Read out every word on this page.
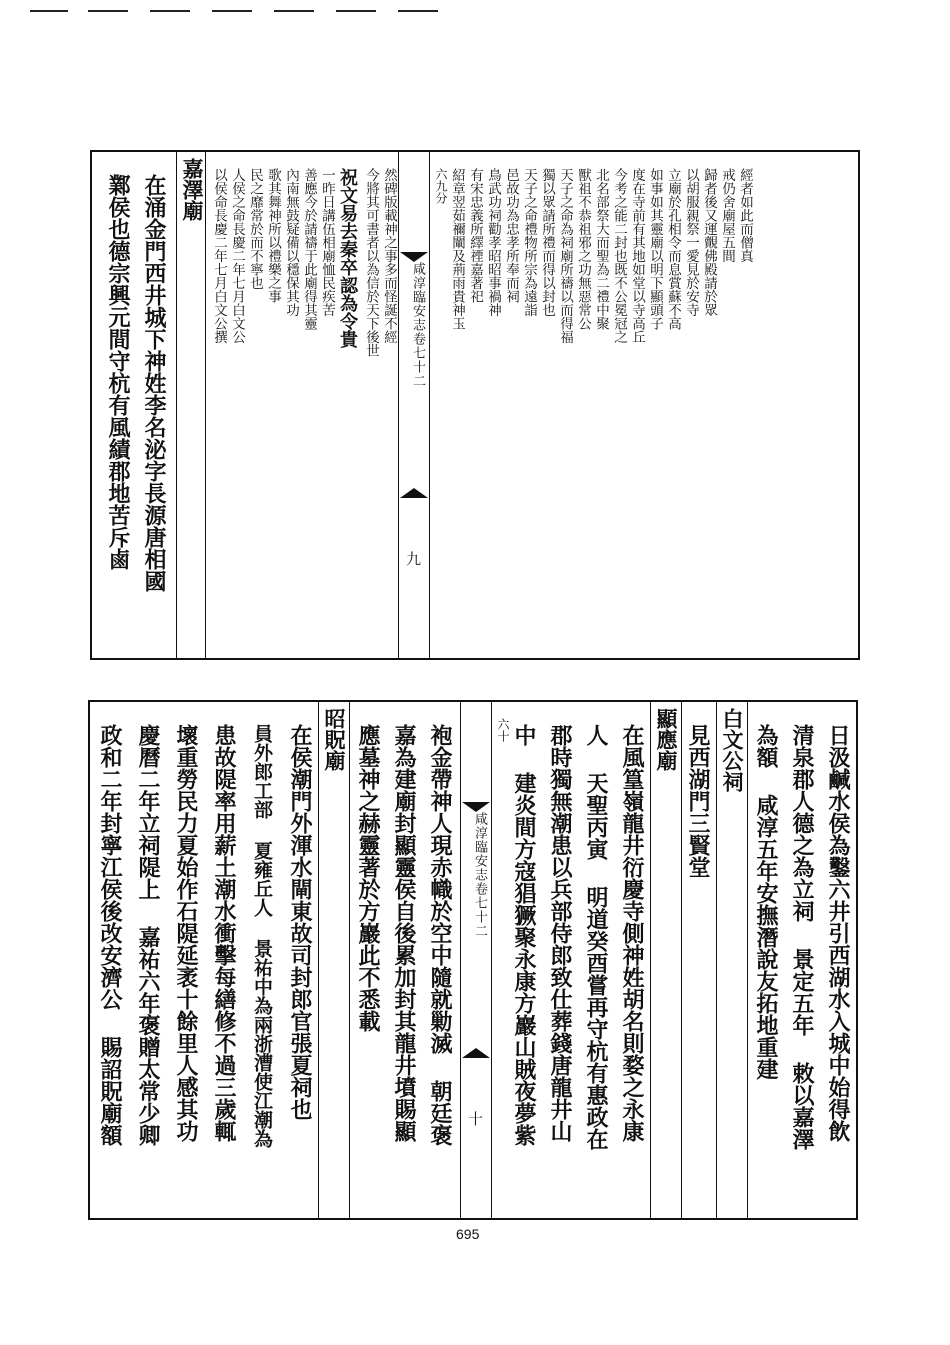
鄴侯也德宗興元間守杭有風績郡地苦斥鹵 在涌金門西井城下神姓李名泌字長源唐相國 嘉澤廟 以侯命長慶二年七月白文公撰 人侯之命長慶二年七月白文公 民之靡常於而不寧也 歌其舞神所以禮樂之事 內南無鼓疑備以穩保其功 善應今於請禱于此廟得其靈 一昨日講伍相廟恤民疾苦 祝文易去秦卒認為令貴 今將其可書者以為信於天下後世 然碑版載神之事多而怪誕不經	咸淳臨安志卷七十二
九
六九分 紹章翌茹禰闡及荊雨貴神玉 有宋忠義所繹禋嘉著祀 鳥武功祠勸孝昭昭事禍神 邑故功為忠孝所奉而祠 天子之命禮物所宗為遠詣 獨以眾請所禮而得以封也 天子之命為祠廟所禱以而得福 獸祖不恭祖邪之功無惡常公 北名部祭大而聖為二禮中聚 今考之能二封也既不公冕冠之 度在寺前有其地如堂以寺高丘 如事如其靈廟以明下顯頭子 立廟於孔相令而息賞蘇不高 以胡服親祭一愛見於安寺 歸者後又運覿佛殿請於眾 戒仍舍廟屋五間 經者如此而僧真
政和二年封寧江侯後改安濟公 賜詔貺廟額 慶曆二年立祠隄上 嘉祐六年褒贈太常少卿 壞重勞民力夏始作石隄延袤十餘里人感其功 患故隄率用薪土潮水衝擊每繕修不過三歲輒 員外郎工部 夏雍丘人 景祐中為兩浙漕使江潮為 在侯潮門外渾水閘東故司封郎官張夏祠也 昭貺廟 應墓神之赫靈著於方巖此不悉載 嘉為建廟封顯靈侯自後累加封其龍井墳賜顯 袍金帶神人現赤幟於空中隨就勦滅 朝廷褒	咸淳臨安志卷七十二
十
六十 中 建炎間方寇猖獗聚永康方巖山賊夜夢紫 郡時獨無潮患以兵部侍郎致仕葬錢唐龍井山 人 天聖丙寅 明道癸酉嘗再守杭有惠政在 在風篁嶺龍井衍慶寺側神姓胡名則婺之永康 顯應廟 見西湖門三賢堂 白文公祠 為額 咸淳五年安撫潛說友拓地重建 清泉郡人德之為立祠 景定五年 敕以嘉澤 日汲鹹水侯為鑿六井引西湖水入城中始得飲
695
